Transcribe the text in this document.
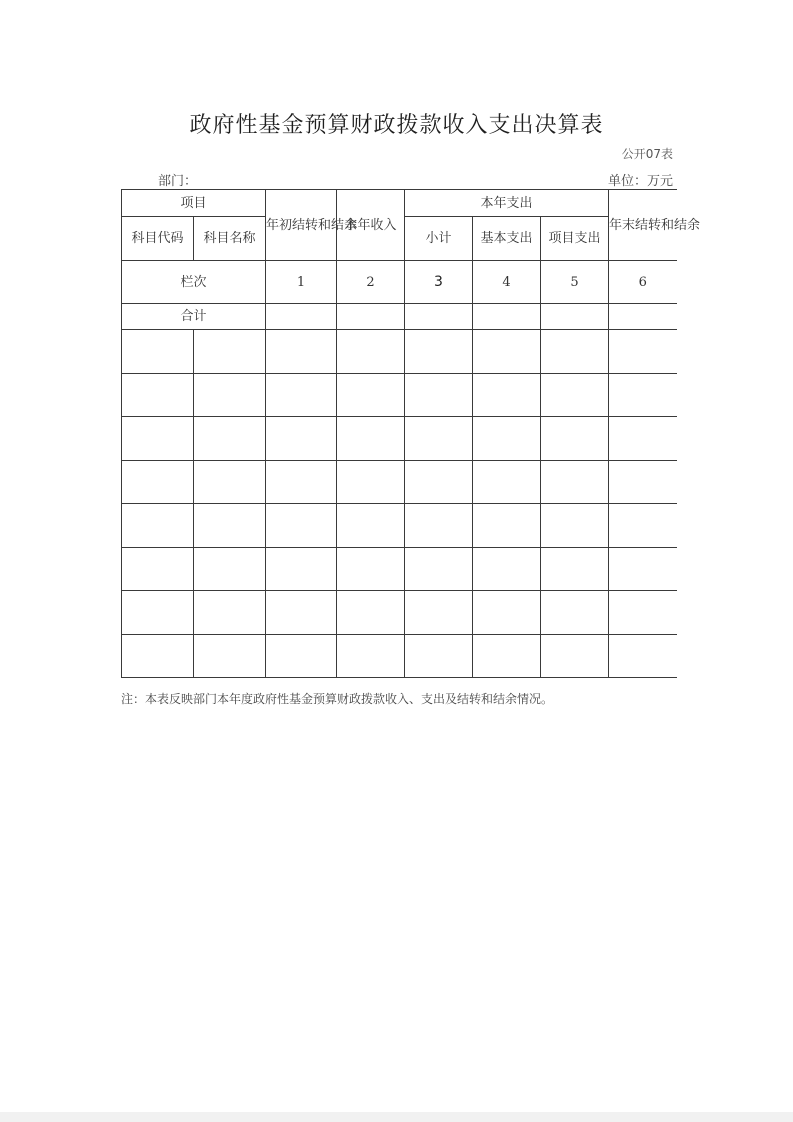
政府性基金预算财政拨款收入支出决算表
公开07表
部门：	单位：万元
项目		年初结转和结余	本年收入	本年支出			年末结转和结余
科目代码	科目名称			小计	基本支出	项目支出	
栏次		1	2	3	4	5	6
合计							

注：本表反映部门本年度政府性基金预算财政拨款收入、支出及结转和结余情况。
